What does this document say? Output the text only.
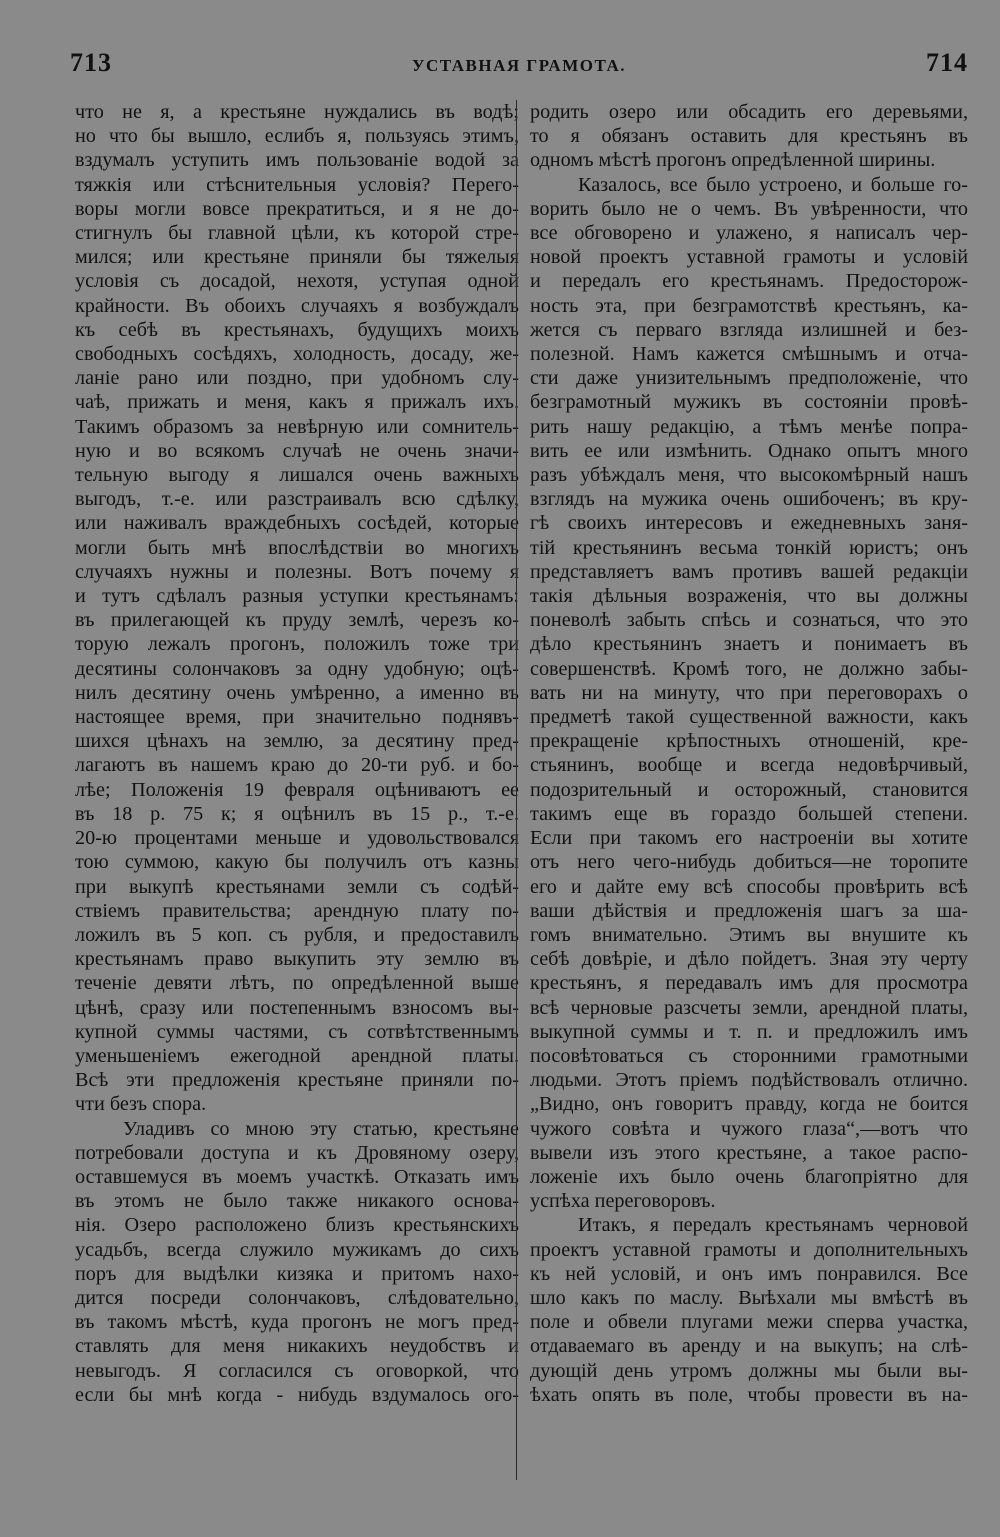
713	УСТАВНАЯ ГРАМОТА.	714
что не я, а крестьяне нуждались въ водѣ;
но что бы вышло, еслибъ я, пользуясь этимъ,
вздумалъ уступить имъ пользованіе водой за
тяжкія или стѣснительныя условія? Перего-
воры могли вовсе прекратиться, и я не до-
стигнулъ бы главной цѣли, къ которой стре-
мился; или крестьяне приняли бы тяжелыя
условія съ досадой, нехотя, уступая одной
крайности. Въ обоихъ случаяхъ я возбуждалъ
къ себѣ въ крестьянахъ, будущихъ моихъ
свободныхъ сосѣдяхъ, холодность, досаду, же-
ланіе рано или поздно, при удобномъ слу-
чаѣ, прижать и меня, какъ я прижалъ ихъ.
Такимъ образомъ за невѣрную или сомнитель-
ную и во всякомъ случаѣ не очень значи-
тельную выгоду я лишался очень важныхъ
выгодъ, т.-е. или разстраивалъ всю сдѣлку,
или наживалъ враждебныхъ сосѣдей, которые
могли быть мнѣ впослѣдствіи во многихъ
случаяхъ нужны и полезны. Вотъ почему я
и тутъ сдѣлалъ разныя уступки крестьянамъ:
въ прилегающей къ пруду землѣ, черезъ ко-
торую лежалъ прогонъ, положилъ тоже три
десятины солончаковъ за одну удобную; оцѣ-
нилъ десятину очень умѣренно, а именно въ
настоящее время, при значительно поднявъ-
шихся цѣнахъ на землю, за десятину пред-
лагаютъ въ нашемъ краю до 20-ти руб. и бо-
лѣе; Положенія 19 февраля оцѣниваютъ ее
въ 18 р. 75 к; я оцѣнилъ въ 15 р., т.-е.
20-ю процентами меньше и удовольствовался
тою суммою, какую бы получилъ отъ казны
при выкупѣ крестьянами земли съ содѣй-
ствіемъ правительства; арендную плату по-
ложилъ въ 5 коп. съ рубля, и предоставилъ
крестьянамъ право выкупить эту землю въ
теченіе девяти лѣтъ, по опредѣленной выше
цѣнѣ, сразу или постепеннымъ взносомъ вы-
купной суммы частями, съ сотвѣтственнымъ
уменьшеніемъ ежегодной арендной платы.
Всѣ эти предложенія крестьяне приняли по-
чти безъ спора.
Уладивъ со мною эту статью, крестьяне
потребовали доступа и къ Дровяному озеру,
оставшемуся въ моемъ участкѣ. Отказать имъ
въ этомъ не было также никакого основа-
нія. Озеро расположено близъ крестьянскихъ
усадьбъ, всегда служило мужикамъ до сихъ
поръ для выдѣлки кизяка и притомъ нахо-
дится посреди солончаковъ, слѣдовательно,
въ такомъ мѣстѣ, куда прогонъ не могъ пред-
ставлять для меня никакихъ неудобствъ и
невыгодъ. Я согласился съ оговоркой, что
если бы мнѣ когда - нибудь вздумалось ого-
родить озеро или обсадить его деревьями,
то я обязанъ оставить для крестьянъ въ
одномъ мѣстѣ прогонъ опредѣленной ширины.
Казалось, все было устроено, и больше го-
ворить было не о чемъ. Въ увѣренности, что
все обговорено и улажено, я написалъ чер-
новой проектъ уставной грамоты и условій
и передалъ его крестьянамъ. Предосторож-
ность эта, при безграмотствѣ крестьянъ, ка-
жется съ перваго взгляда излишней и без-
полезной. Намъ кажется смѣшнымъ и отча-
сти даже унизительнымъ предположеніе, что
безграмотный мужикъ въ состояніи провѣ-
рить нашу редакцію, а тѣмъ менѣе попра-
вить ее или измѣнить. Однако опытъ много
разъ убѣждалъ меня, что высокомѣрный нашъ
взглядъ на мужика очень ошибоченъ; въ кру-
гѣ своихъ интересовъ и ежедневныхъ заня-
тій крестьянинъ весьма тонкій юристъ; онъ
представляетъ вамъ противъ вашей редакціи
такія дѣльныя возраженія, что вы должны
поневолѣ забыть спѣсь и сознаться, что это
дѣло крестьянинъ знаетъ и понимаетъ въ
совершенствѣ. Кромѣ того, не должно забы-
вать ни на минуту, что при переговорахъ о
предметѣ такой существенной важности, какъ
прекращеніе крѣпостныхъ отношеній, кре-
стьянинъ, вообще и всегда недовѣрчивый,
подозрительный и осторожный, становится
такимъ еще въ гораздо большей степени.
Если при такомъ его настроеніи вы хотите
отъ него чего-нибудь добиться—не торопите
его и дайте ему всѣ способы провѣрить всѣ
ваши дѣйствія и предложенія шагъ за ша-
гомъ внимательно. Этимъ вы внушите къ
себѣ довѣріе, и дѣло пойдетъ. Зная эту черту
крестьянъ, я передавалъ имъ для просмотра
всѣ черновые разсчеты земли, арендной платы,
выкупной суммы и т. п. и предложилъ имъ
посовѣтоваться съ сторонними грамотными
людьми. Этотъ пріемъ подѣйствовалъ отлично.
„Видно, онъ говоритъ правду, когда не боится
чужого совѣта и чужого глаза“,—вотъ что
вывели изъ этого крестьяне, а такое распо-
ложеніе ихъ было очень благопріятно для
успѣха переговоровъ.
Итакъ, я передалъ крестьянамъ черновой
проектъ уставной грамоты и дополнительныхъ
къ ней условій, и онъ имъ понравился. Все
шло какъ по маслу. Выѣхали мы вмѣстѣ въ
поле и обвели плугами межи сперва участка,
отдаваемаго въ аренду и на выкупъ; на слѣ-
дующій день утромъ должны мы были вы-
ѣхать опять въ поле, чтобы провести въ на-
